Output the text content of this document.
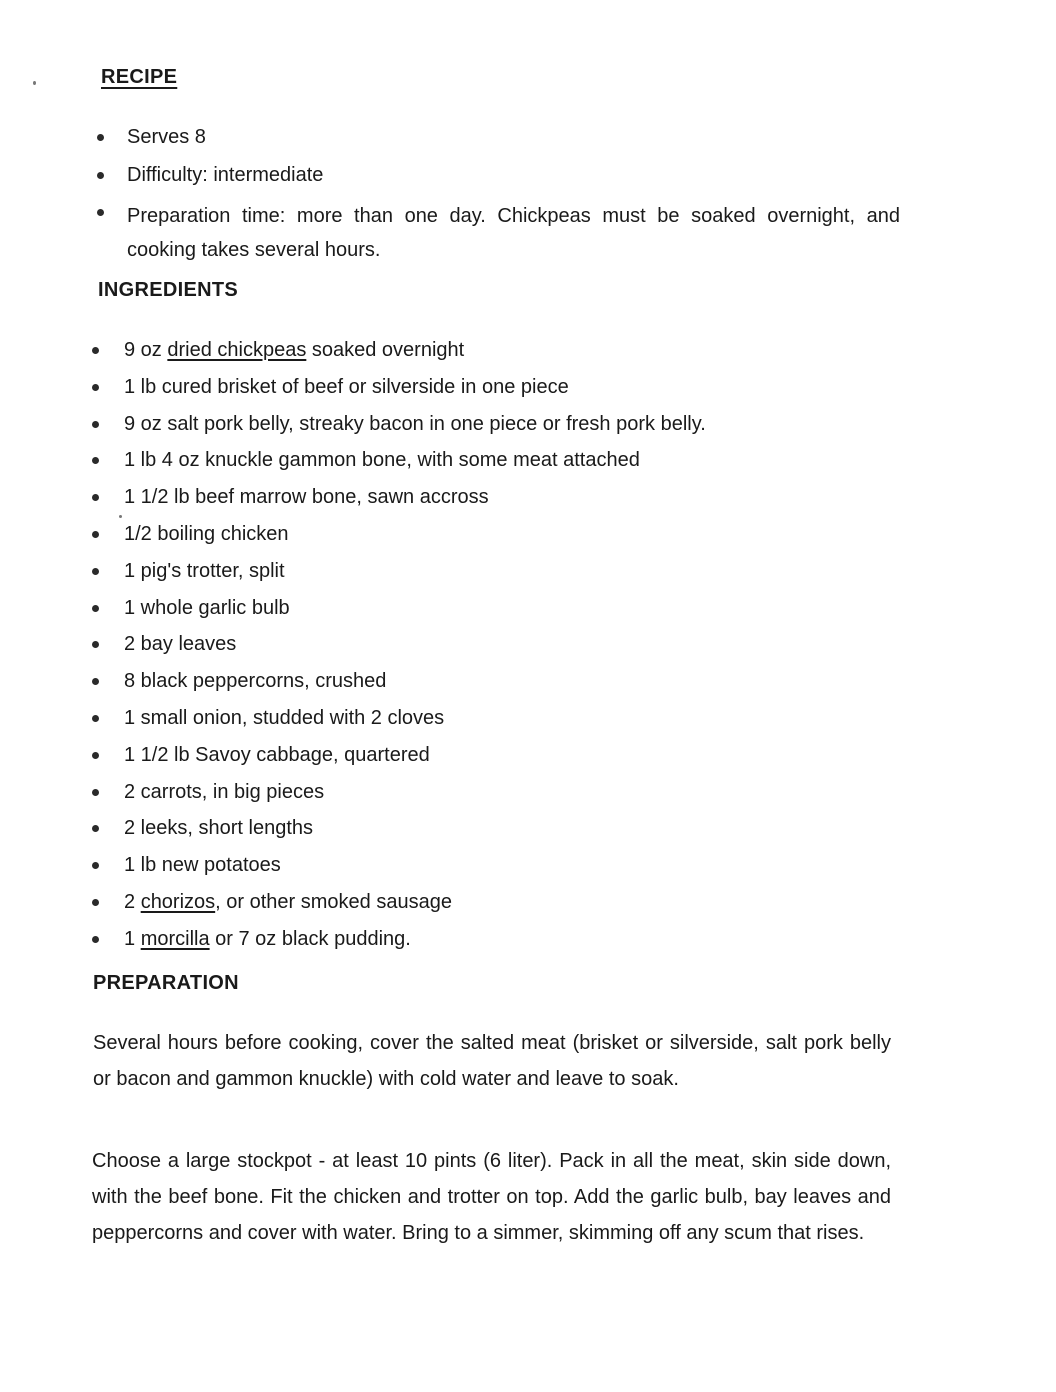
RECIPE
Serves 8
Difficulty: intermediate
Preparation time: more than one day. Chickpeas must be soaked overnight, and cooking takes several hours.
INGREDIENTS
9 oz dried chickpeas soaked overnight
1 lb cured brisket of beef or silverside in one piece
9 oz salt pork belly, streaky bacon in one piece or fresh pork belly.
1 lb 4 oz knuckle gammon bone, with some meat attached
1 1/2 lb beef marrow bone, sawn accross
1/2 boiling chicken
1 pig's trotter, split
1 whole garlic bulb
2 bay leaves
8 black peppercorns, crushed
1 small onion, studded with 2 cloves
1 1/2 lb Savoy cabbage, quartered
2 carrots, in big pieces
2 leeks, short lengths
1 lb new potatoes
2 chorizos, or other smoked sausage
1 morcilla or 7 oz black pudding.
PREPARATION

Several hours before cooking, cover the salted meat (brisket or silverside, salt pork belly or bacon and gammon knuckle) with cold water and leave to soak.

Choose a large stockpot - at least 10 pints (6 liter). Pack in all the meat, skin side down, with the beef bone. Fit the chicken and trotter on top. Add the garlic bulb, bay leaves and peppercorns and cover with water. Bring to a simmer, skimming off any scum that rises.
